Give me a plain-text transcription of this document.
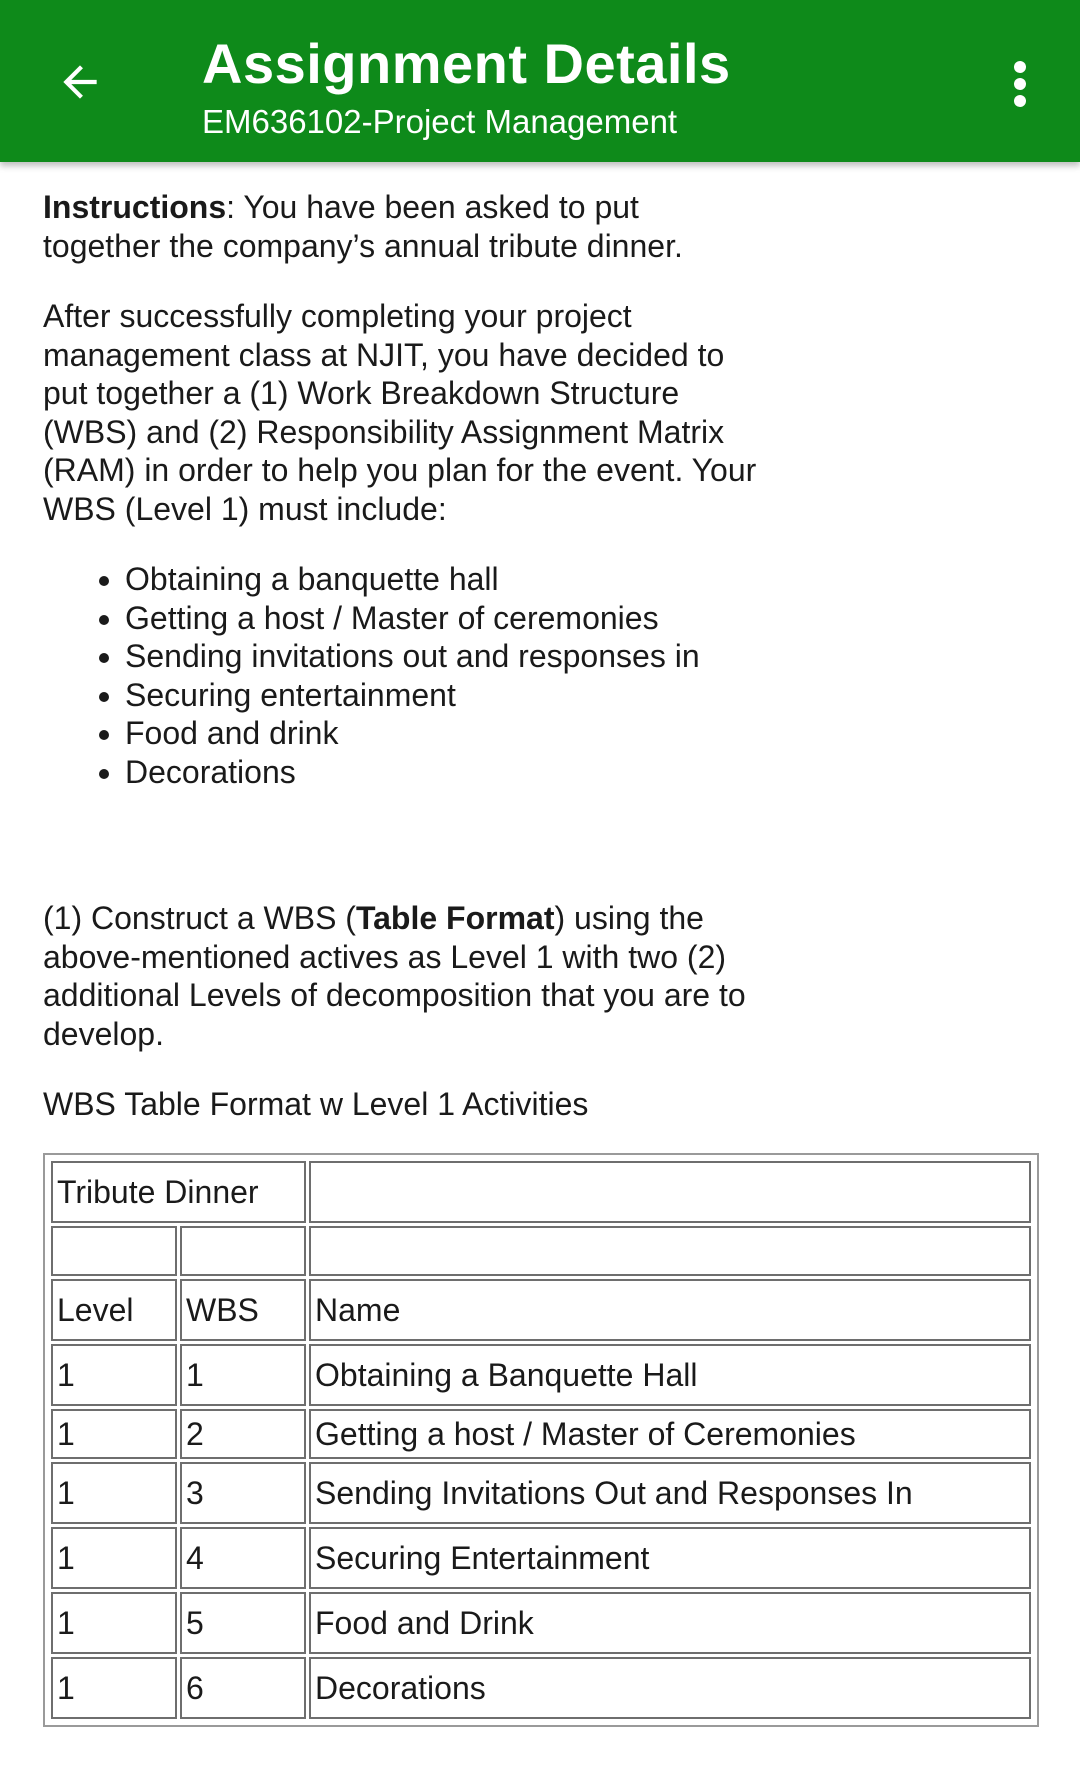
Assignment Details
EM636102-Project Management

Instructions: You have been asked to put together the company’s annual tribute dinner.

After successfully completing your project management class at NJIT, you have decided to put together a (1) Work Breakdown Structure (WBS) and (2) Responsibility Assignment Matrix (RAM) in order to help you plan for the event. Your WBS (Level 1) must include:

Obtaining a banquette hall
Getting a host / Master of ceremonies
Sending invitations out and responses in
Securing entertainment
Food and drink
Decorations

(1) Construct a WBS (Table Format) using the above-mentioned actives as Level 1 with two (2) additional Levels of decomposition that you are to develop.

WBS Table Format w Level 1 Activities

Tribute Dinner		

Level	WBS	Name
1	1	Obtaining a Banquette Hall
1	2	Getting a host / Master of Ceremonies
1	3	Sending Invitations Out and Responses In
1	4	Securing Entertainment
1	5	Food and Drink
1	6	Decorations
